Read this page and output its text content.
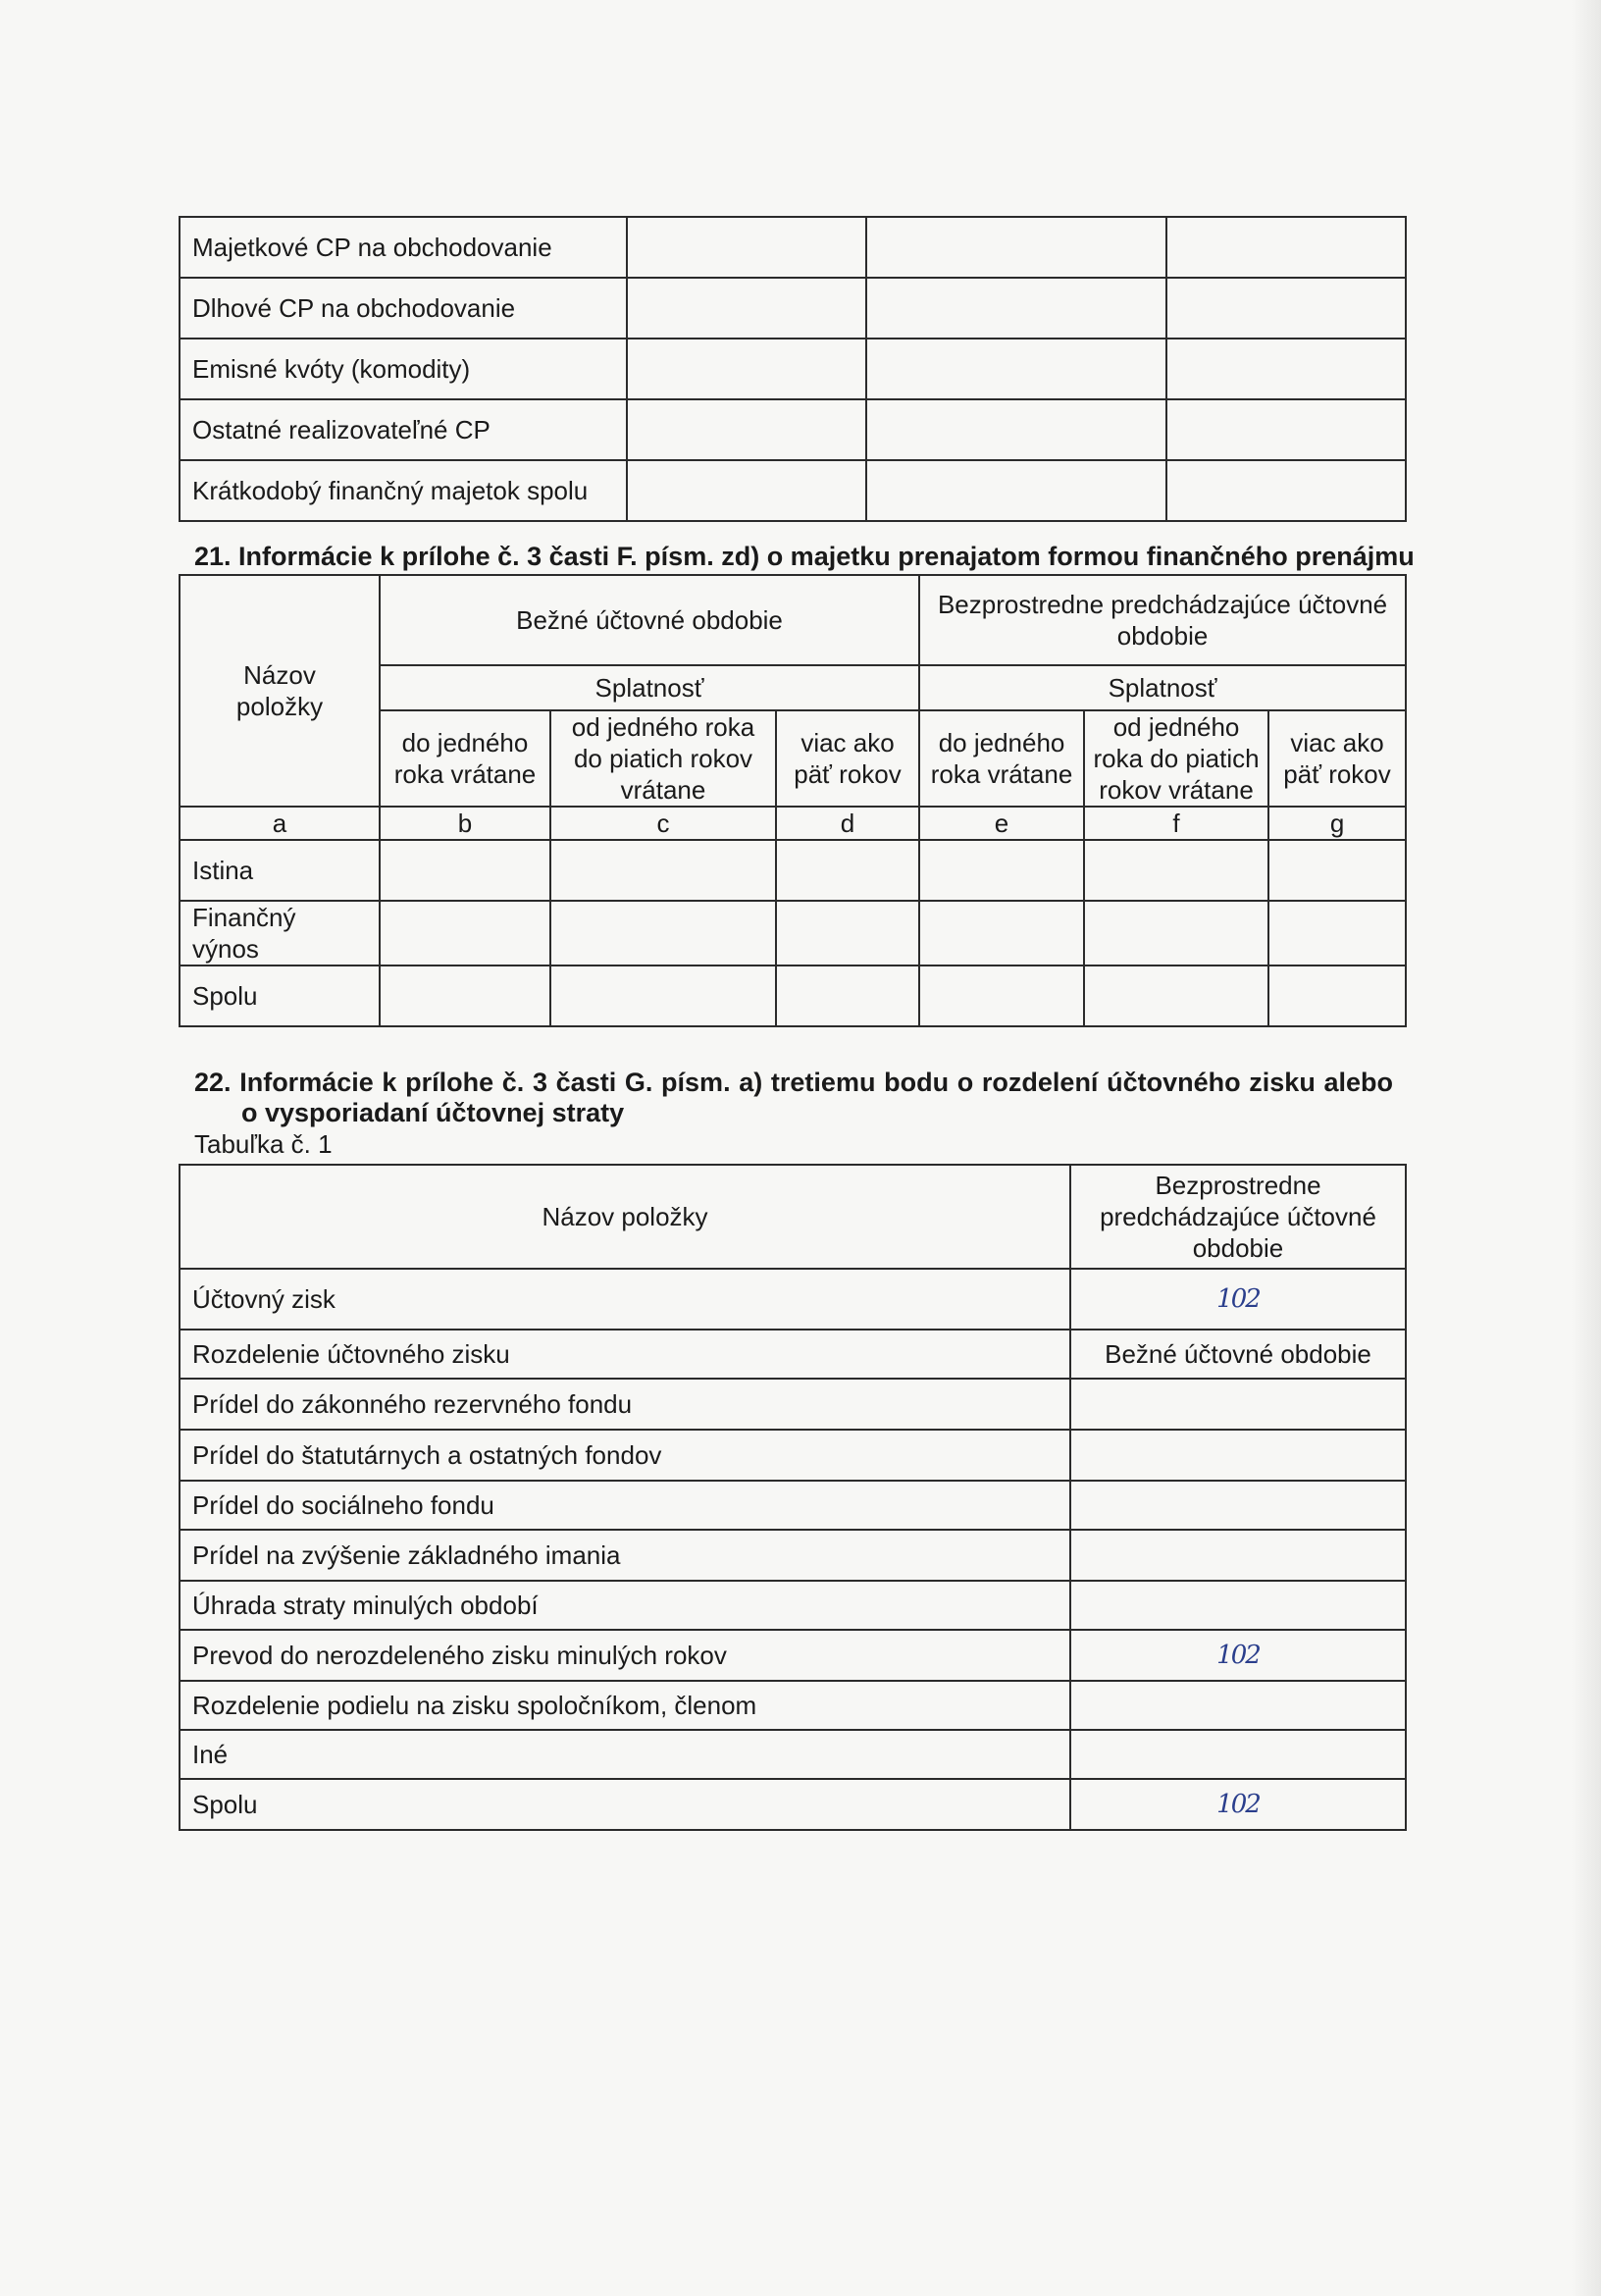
Majetkové CP na obchodovanie			
Dlhové CP na obchodovanie			
Emisné kvóty (komodity)			
Ostatné realizovateľné CP			
Krátkodobý finančný majetok spolu			
21. Informácie k prílohe č. 3 časti F. písm. zd) o majetku prenajatom formou finančného prenájmu
Názov položky	Bežné účtovné obdobie			Bezprostredne predchádzajúce účtovné obdobie		
	Splatnosť			Splatnosť		
	do jedného roka vrátane	od jedného roka do piatich rokov vrátane	viac ako päť rokov	do jedného roka vrátane	od jedného roka do piatich rokov vrátane	viac ako päť rokov
a	b	c	d	e	f	g
Istina						
Finančný výnos						
Spolu						
22. Informácie k prílohe č. 3 časti G. písm. a) tretiemu bodu o rozdelení účtovného zisku alebo
o vysporiadaní účtovnej straty
Tabuľka č. 1
Názov položky	Bezprostredne predchádzajúce účtovné obdobie
Účtovný zisk	102
Rozdelenie účtovného zisku	Bežné účtovné obdobie
Prídel do zákonného rezervného fondu	
Prídel do štatutárnych a ostatných fondov	
Prídel do sociálneho fondu	
Prídel na zvýšenie základného imania	
Úhrada straty minulých období	
Prevod do nerozdeleného zisku minulých rokov	102
Rozdelenie podielu na zisku spoločníkom, členom	
Iné	
Spolu	102
